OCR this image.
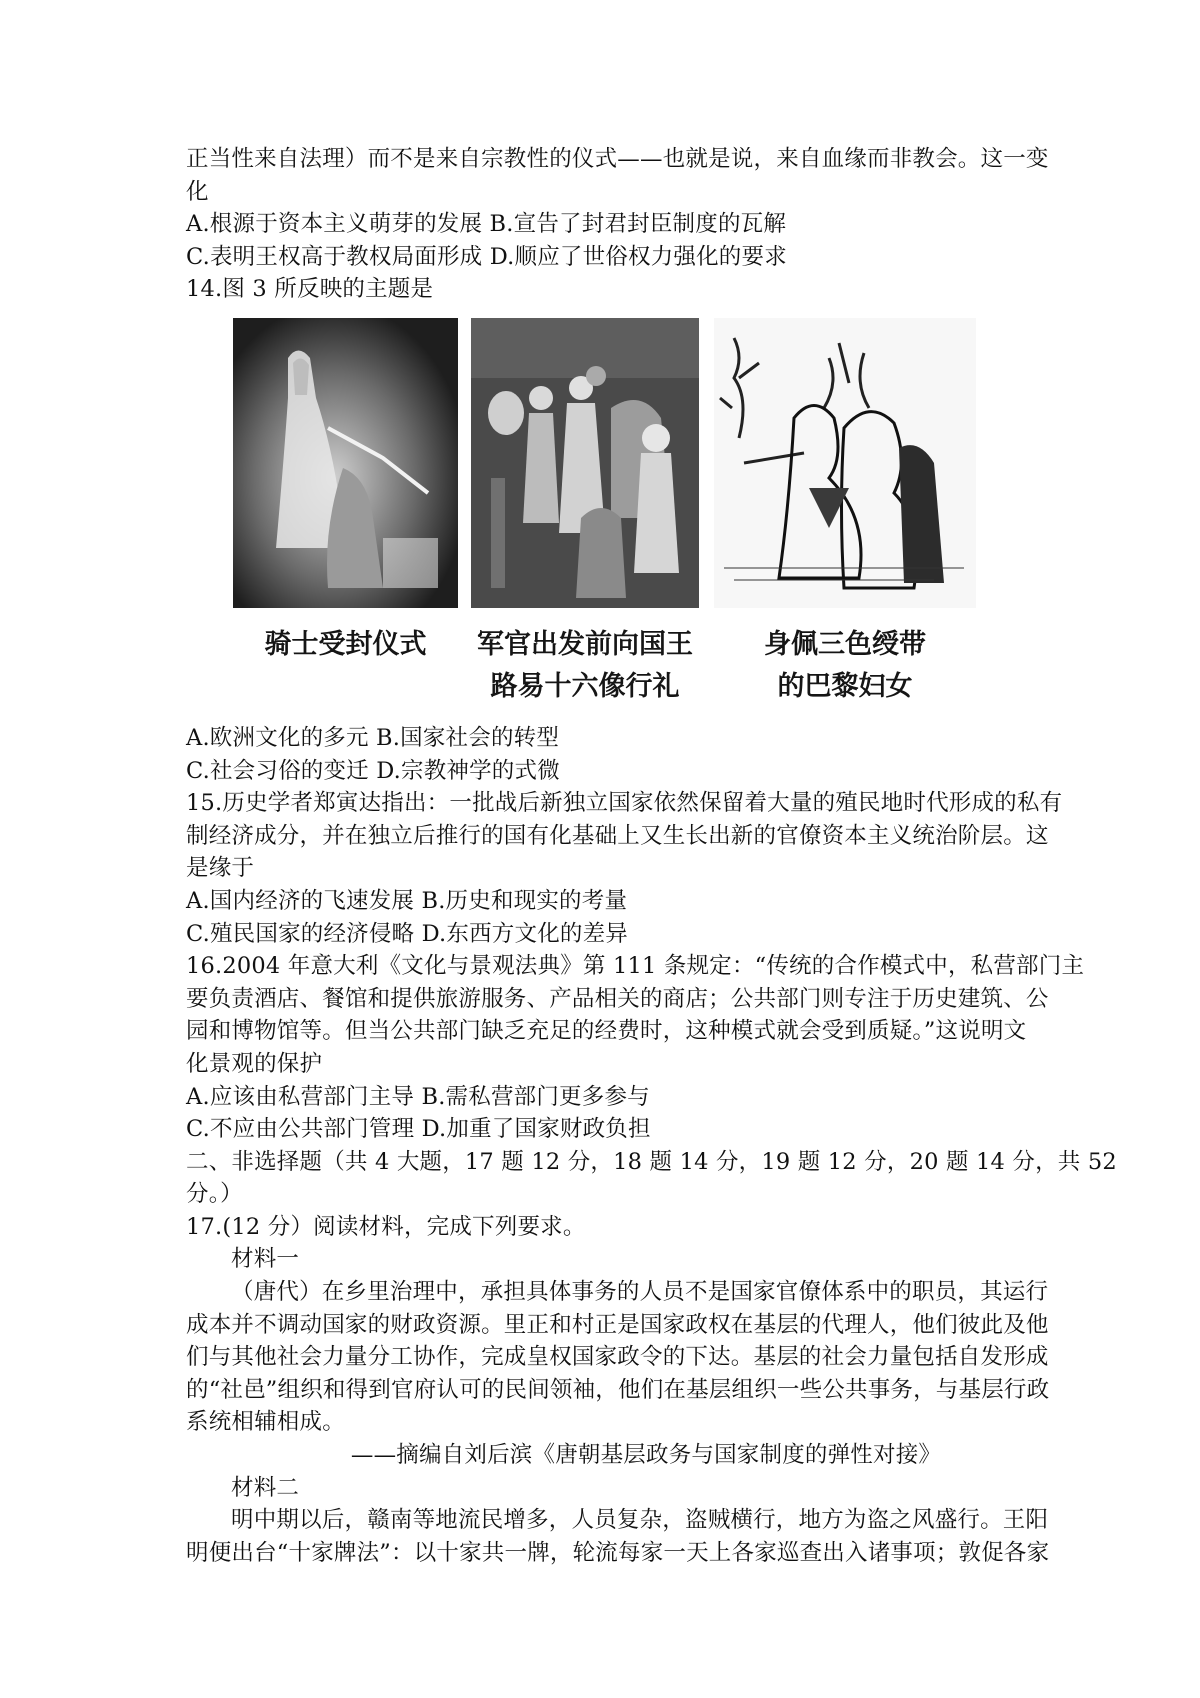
正当性来自法理）而不是来自宗教性的仪式——也就是说，来自血缘而非教会。这一变
化
A.根源于资本主义萌芽的发展 B.宣告了封君封臣制度的瓦解
C.表明王权高于教权局面形成 D.顺应了世俗权力强化的要求
14.图 3 所反映的主题是
骑士受封仪式	军官出发前向国王
路易十六像行礼
身佩三色绶带
的巴黎妇女
A.欧洲文化的多元 B.国家社会的转型
C.社会习俗的变迁 D.宗教神学的式微
15.历史学者郑寅达指出：一批战后新独立国家依然保留着大量的殖民地时代形成的私有
制经济成分，并在独立后推行的国有化基础上又生长出新的官僚资本主义统治阶层。这
是缘于
A.国内经济的飞速发展 B.历史和现实的考量
C.殖民国家的经济侵略 D.东西方文化的差异
16.2004 年意大利《文化与景观法典》第 111 条规定：“传统的合作模式中，私营部门主
要负责酒店、餐馆和提供旅游服务、产品相关的商店；公共部门则专注于历史建筑、公
园和博物馆等。但当公共部门缺乏充足的经费时，这种模式就会受到质疑。”这说明文
化景观的保护
A.应该由私营部门主导 B.需私营部门更多参与
C.不应由公共部门管理 D.加重了国家财政负担
二、非选择题（共 4 大题，17 题 12 分，18 题 14 分，19 题 12 分，20 题 14 分，共 52
分。）
17.(12 分）阅读材料，完成下列要求。
材料一
（唐代）在乡里治理中，承担具体事务的人员不是国家官僚体系中的职员，其运行
成本并不调动国家的财政资源。里正和村正是国家政权在基层的代理人，他们彼此及他
们与其他社会力量分工协作，完成皇权国家政令的下达。基层的社会力量包括自发形成
的“社邑”组织和得到官府认可的民间领袖，他们在基层组织一些公共事务，与基层行政
系统相辅相成。
——摘编自刘后滨《唐朝基层政务与国家制度的弹性对接》
材料二
明中期以后，赣南等地流民增多，人员复杂，盗贼横行，地方为盗之风盛行。王阳
明便出台“十家牌法”：以十家共一牌，轮流每家一天上各家巡查出入诸事项；敦促各家
